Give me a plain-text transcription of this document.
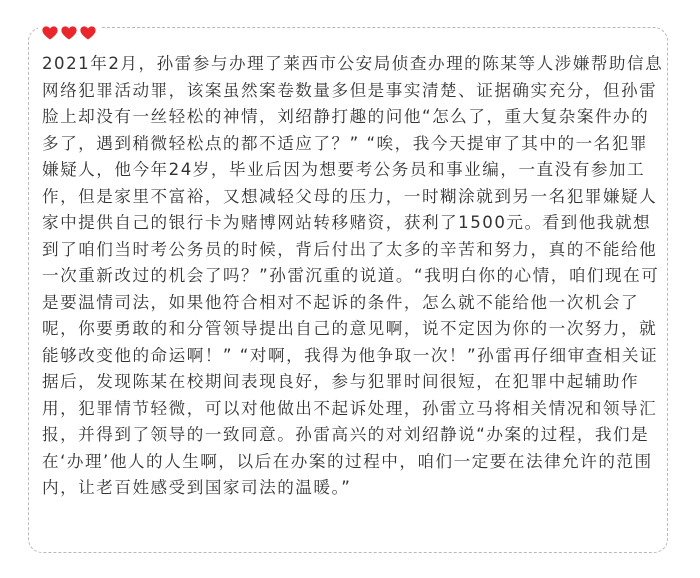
2021年2月，孙雷参与办理了莱西市公安局侦查办理的陈某等人涉嫌帮助信息网络犯罪活动罪，该案虽然案卷数量多但是事实清楚、证据确实充分，但孙雷脸上却没有一丝轻松的神情，刘绍静打趣的问他“怎么了，重大复杂案件办的多了，遇到稍微轻松点的都不适应了？” “唉，我今天提审了其中的一名犯罪嫌疑人，他今年24岁，毕业后因为想要考公务员和事业编，一直没有参加工作，但是家里不富裕，又想减轻父母的压力，一时糊涂就到另一名犯罪嫌疑人家中提供自己的银行卡为赌博网站转移赌资，获利了1500元。看到他我就想到了咱们当时考公务员的时候，背后付出了太多的辛苦和努力，真的不能给他一次重新改过的机会了吗？”孙雷沉重的说道。“我明白你的心情，咱们现在可是要温情司法，如果他符合相对不起诉的条件，怎么就不能给他一次机会了呢，你要勇敢的和分管领导提出自己的意见啊，说不定因为你的一次努力，就能够改变他的命运啊！” “对啊，我得为他争取一次！”孙雷再仔细审查相关证据后，发现陈某在校期间表现良好，参与犯罪时间很短，在犯罪中起辅助作用，犯罪情节轻微，可以对他做出不起诉处理，孙雷立马将相关情况和领导汇报，并得到了领导的一致同意。孙雷高兴的对刘绍静说“办案的过程，我们是在‘办理’他人的人生啊，以后在办案的过程中，咱们一定要在法律允许的范围内，让老百姓感受到国家司法的温暖。”
